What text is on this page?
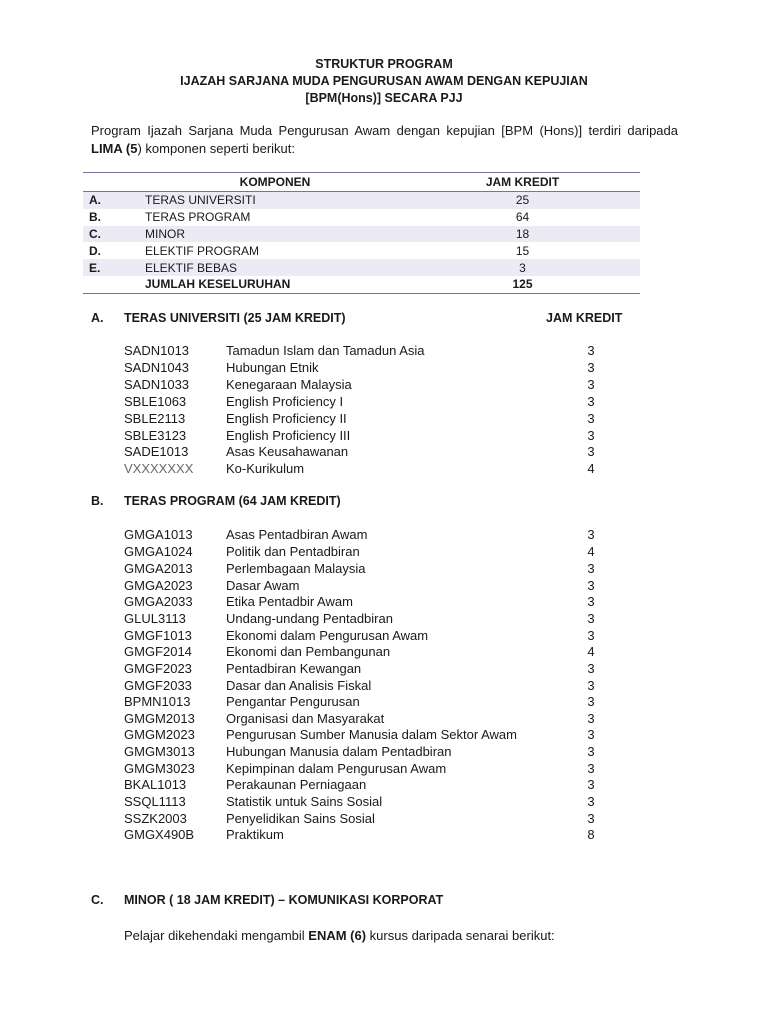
STRUKTUR PROGRAM
IJAZAH SARJANA MUDA PENGURUSAN AWAM DENGAN KEPUJIAN
[BPM(Hons)] SECARA PJJ
Program Ijazah Sarjana Muda Pengurusan Awam dengan kepujian [BPM (Hons)] terdiri daripada LIMA (5) komponen seperti berikut:
	KOMPONEN	JAM KREDIT
A.	TERAS UNIVERSITI	25
B.	TERAS PROGRAM	64
C.	MINOR	18
D.	ELEKTIF PROGRAM	15
E.	ELEKTIF BEBAS	3
	JUMLAH KESELURUHAN	125
A. TERAS UNIVERSITI (25 JAM KREDIT)	JAM KREDIT
SADN1013	Tamadun Islam dan Tamadun Asia	3
SADN1043	Hubungan Etnik	3
SADN1033	Kenegaraan Malaysia	3
SBLE1063	English Proficiency I	3
SBLE2113	English Proficiency II	3
SBLE3123	English Proficiency III	3
SADE1013	Asas Keusahawanan	3
VXXXXXXX	Ko-Kurikulum	4
B. TERAS PROGRAM (64 JAM KREDIT)
GMGA1013	Asas Pentadbiran Awam	3
GMGA1024	Politik dan Pentadbiran	4
GMGA2013	Perlembagaan Malaysia	3
GMGA2023	Dasar Awam	3
GMGA2033	Etika Pentadbir Awam	3
GLUL3113	Undang-undang Pentadbiran	3
GMGF1013	Ekonomi dalam Pengurusan Awam	3
GMGF2014	Ekonomi dan Pembangunan	4
GMGF2023	Pentadbiran Kewangan	3
GMGF2033	Dasar dan Analisis Fiskal	3
BPMN1013	Pengantar Pengurusan	3
GMGM2013 Organisasi dan Masyarakat	3
GMGM2023 Pengurusan Sumber Manusia dalam Sektor Awam	3
GMGM3013 Hubungan Manusia dalam Pentadbiran	3
GMGM3023 Kepimpinan dalam Pengurusan Awam	3
BKAL1013	Perakaunan Perniagaan	3
SSQL1113	Statistik untuk Sains Sosial	3
SSZK2003	Penyelidikan Sains Sosial	3
GMGX490B Praktikum	8
C. MINOR ( 18 JAM KREDIT) – KOMUNIKASI KORPORAT
Pelajar dikehendaki mengambil ENAM (6) kursus daripada senarai berikut:
